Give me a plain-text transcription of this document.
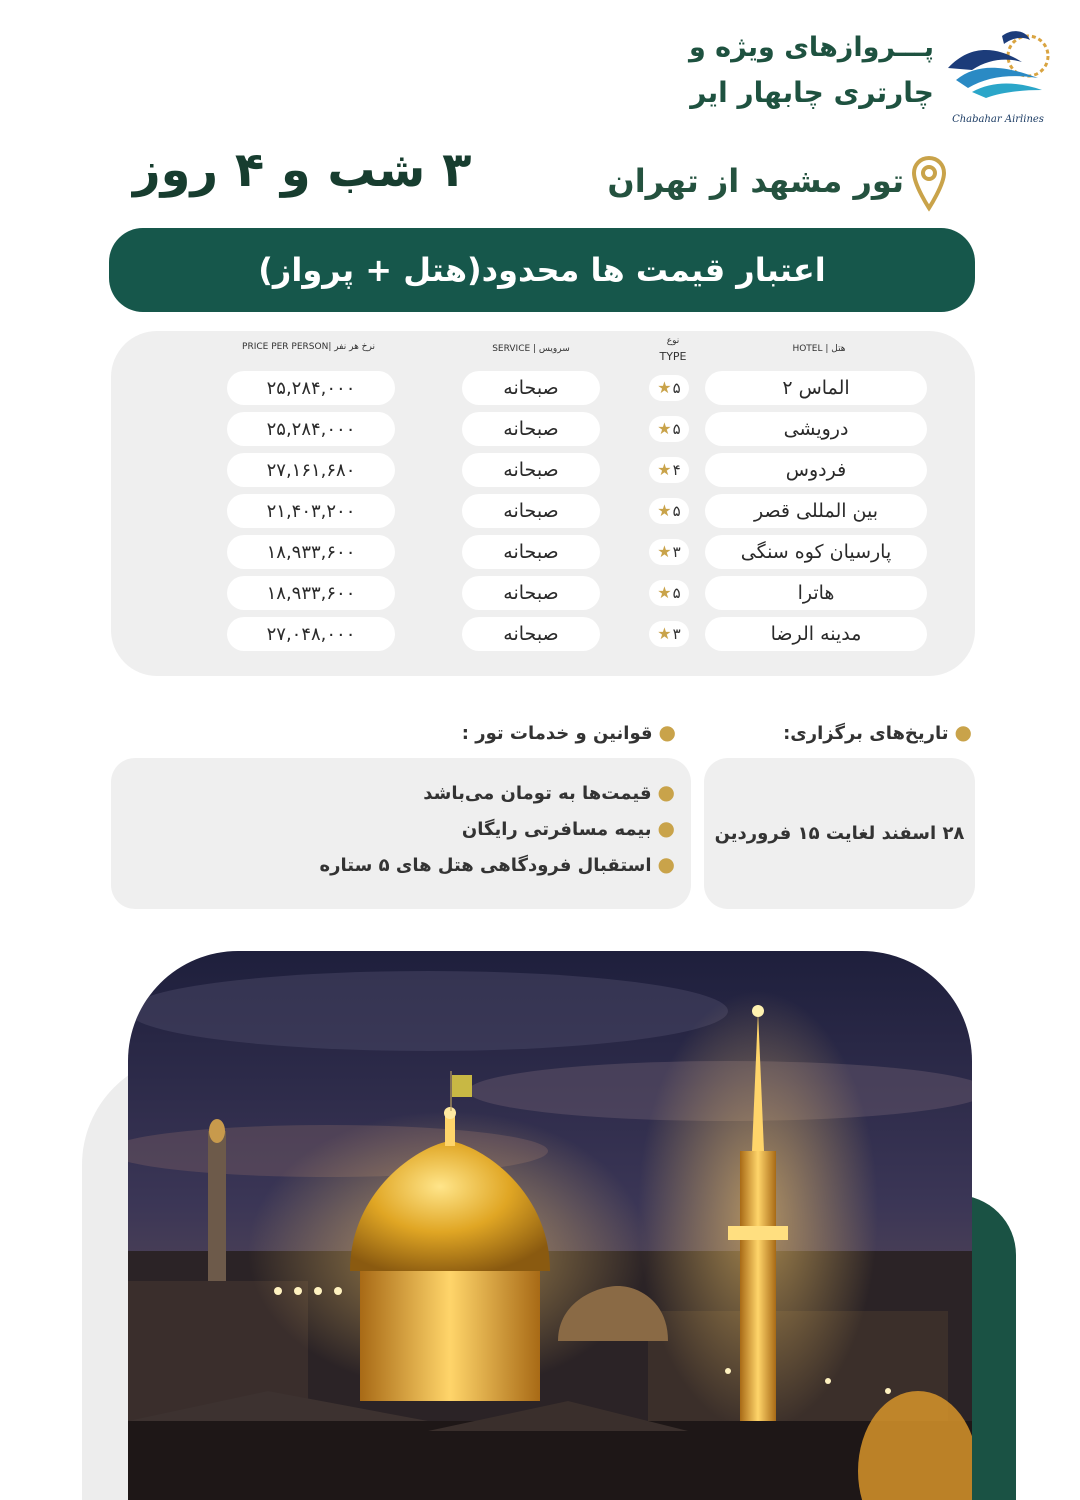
Chabahar Airlines
پـــروازهای ویژه و
چارتری چابهار ایر
تور مشهد از تهران
۳ شب و ۴ روز
اعتبار قیمت ها محدود(هتل + پرواز)
HOTEL | هتل
نوع
TYPE
SERVICE | سرویس
PRICE PER PERSON| نرخ هر نفر
الماس ۲
★ ۵
صبحانه
۲۵,۲۸۴,۰۰۰
درویشی
★ ۵
صبحانه
۲۵,۲۸۴,۰۰۰
فردوس
★ ۴
صبحانه
۲۷,۱۶۱,۶۸۰
بین المللی قصر
★ ۵
صبحانه
۲۱,۴۰۳,۲۰۰
پارسیان کوه سنگی
★ ۳
صبحانه
۱۸,۹۳۳,۶۰۰
هاترا
★ ۵
صبحانه
۱۸,۹۳۳,۶۰۰
مدینه الرضا
★ ۳
صبحانه
۲۷,۰۴۸,۰۰۰
●تاریخ‌های برگزاری:
●قوانین و خدمات تور :
۲۸ اسفند لغایت ۱۵ فروردین
●قیمت‌ها به تومان می‌باشد
●بیمه مسافرتی رایگان
●استقبال فرودگاهی هتل های ۵ ستاره
